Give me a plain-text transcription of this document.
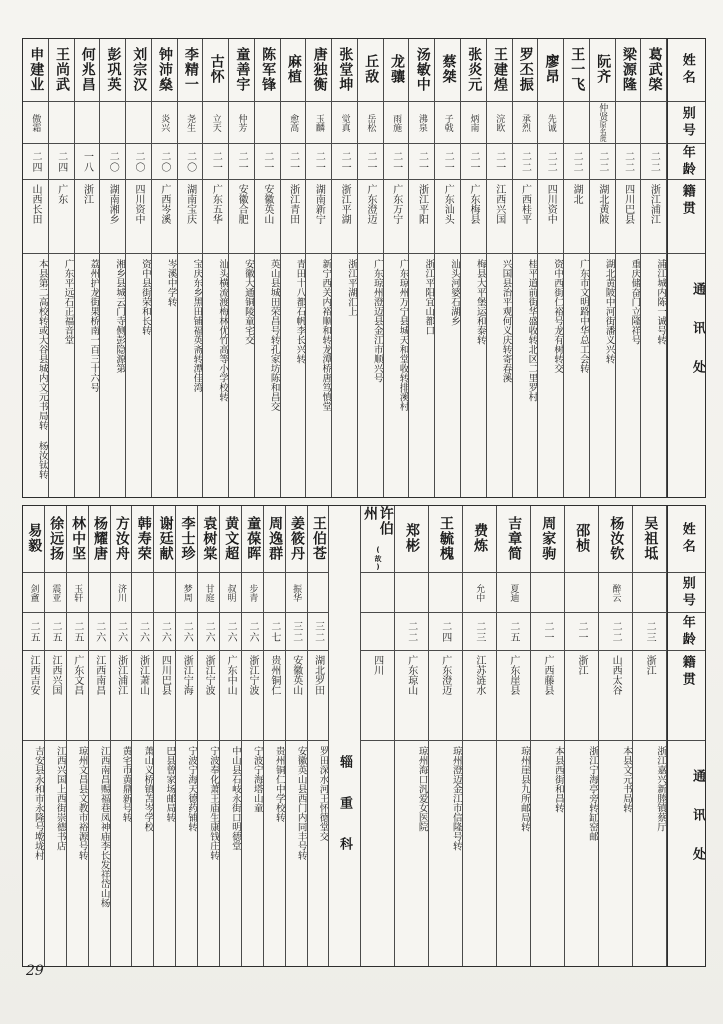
申建业
傲霜
二四
山西长田
本县第二高校转或大谷县城内文元书局转 杨汝钛转
王尚武
二四
广东
广东平远石正福音堂
何兆昌
一八
浙江
荔州护龙街果桥南一百三十六号
彭巩英
二〇
湖南湘乡
湘乡县城云门寺侧彭隐源第
刘宗汉
二〇
四川资中
资中县街荣和长转
钟沛燊
炎兴
二〇
广西岑溪
岑溪中学转
李精一
尧生
二〇
湖南宝庆
宝庆东乡黑田铺福英斋转潭佳湾
古怀
立天
二一
广东五华
汕头横流渡梅林优竹高等小学校转
童善宇
仲芳
二一
安徽合肥
安徽大通铜陵童宅交
陈军锋
二一
安徽英山
英山县城田荣昌号转孔家坊陈和昌交
麻植
愈高
二一
浙江青田
青田十八都石帆李长兴转
唐独衡
玉麟
二一
湖南新宁
新宁西关内裕顺和转龙潭桥唐笃慎堂
张堂坤
觉真
二一
浙江平湖
浙江平湖汇上
丘敌
岳松
二一
广东澄迈
广东琼州澄迈县金江市顺兴号
龙骧
雨施
二一
广东万宁
广东琼州万宁县城天和堂收转排溪村
汤敏中
沸泉
二一
浙江平阳
浙江平阳宜山都口
蔡桀
子戟
二一
广东汕头
汕头河婆石湖乡
张炎元
炳南
二一
广东梅县
梅县大平堡运和泰转
王建煌
浣欧
二一
江西兴国
兴国县治平观何义庆转寄春溪
罗丕振
承烈
二二
广西桂平
桂平道前街华盛收转北区二里罗村
廖昂
先诚
二二
四川资中
资中西街仁裕号龙有树转交
王一飞
二二
湖北
广东市文明路中华总工会转
阮齐
仲贤
原名箎
二二
湖北黄陂
湖北黄陂中河街潘义兴转
梁源隆
二二
四川巴县
重庆储奋门立隆祥号
葛武棨
二二
浙江浦江
浦江城内陈一诚号转
姓名
别号
年龄
籍贯
通讯处
易毅
剑盦
二五
江西吉安
吉安县永和市永隆号墘垅村
徐远扬
震亚
二五
江西兴国
江西兴国上西街崇德书店
林中坚
玉轩
二五
广东文昌
琼州文昌县文教市裕源号转
杨耀唐
二六
江西南昌
江西南昌赐福巷凤神庙李长发祥岱山杨
方汝舟
济川
二六
浙江浦江
黄宅市黄鼎新号转
韩寿荣
二六
浙江萧山
萧山义桥镇苫岑学校
谢廷献
二六
四川巴县
巴县曾家场邮局转
李士珍
梦周
二六
浙江宁海
宁波宁海天德药铺转
袁树棠
甘庭
二六
浙江宁波
宁波奉化萧王庙生康钱庄转
黄文超
叔明
二六
广东中山
中山县石岐永街口明德堂
童葆晖
步青
二六
浙江宁波
宁波宁海塔山童
周逸群
二七
贵州铜仁
贵州铜仁中学校转
姜筱丹
振华
三二
安徽英山
安徽英山县西门内同丰号转
王伯苍
三二
湖北罗田
罗田深水河王怀德堂交 辎重科
许伯州
(故)
四川
郑彬
二二
广东琼山
琼州海口汎爱女医院
王毓槐
二四
广东澄迈
琼州澄迈金江市信隆号转
费炼
允中
二三
江苏涟水
吉章简
夏迪
二五
广东崖县
琼州崖县九所邮局转
周家驹
二一
广西藤县
本县西街和昌转
邵桢
二一
浙江
浙江宁海亭旁转缸窑邮
杨汝钦
醉云
二二
山西太谷
本县文元书局转
吴祖坻
二三
浙江
浙江嘉兴新塍镇蔡厅
姓名
别号
年龄
籍贯
通讯处
29
